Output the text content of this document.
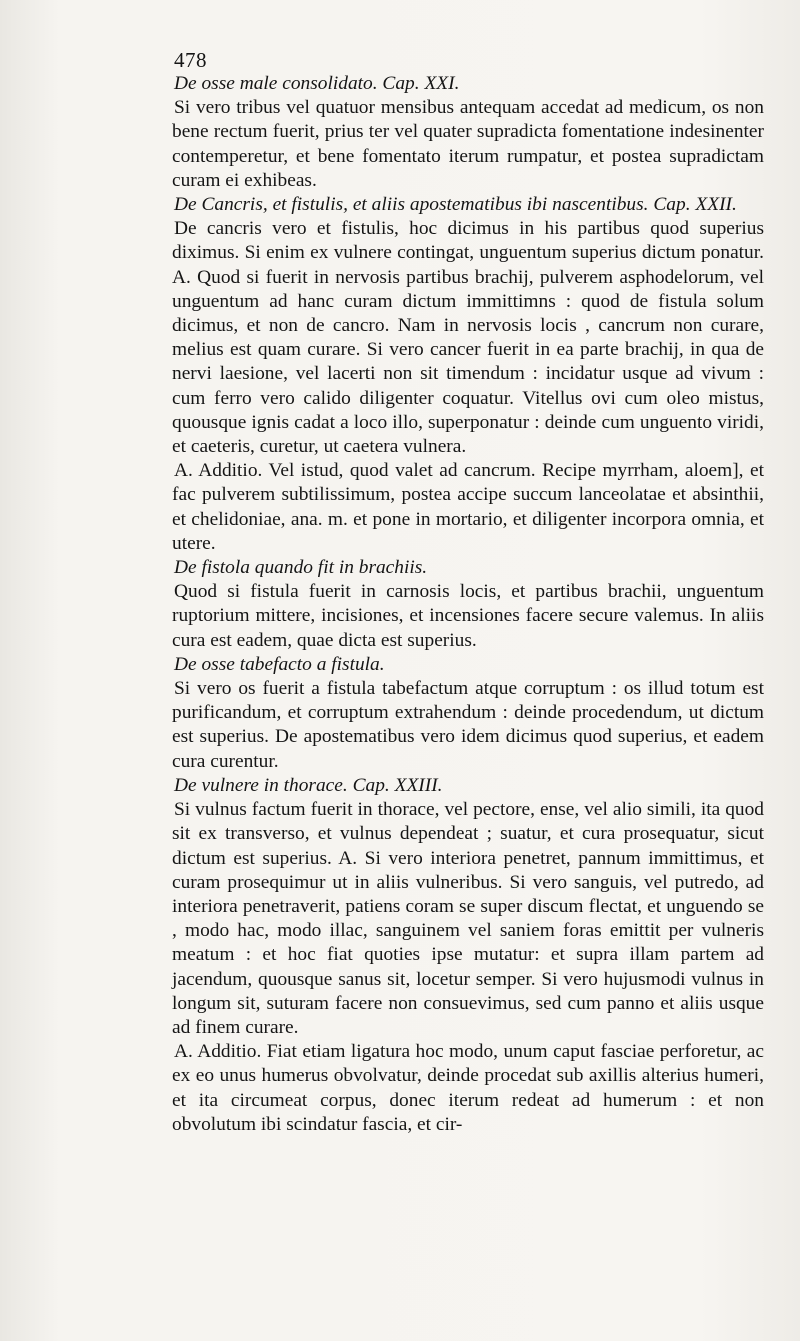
478

De osse male consolidato. Cap. XXI.

Si vero tribus vel quatuor mensibus antequam accedat ad medicum, os non bene rectum fuerit, prius ter vel quater supradicta fomentatione indesinenter contemperetur, et bene fomentato iterum rumpatur, et postea supradictam curam ei exhibeas.

De Cancris, et fistulis, et aliis apostematibus ibi nascentibus. Cap. XXII.

De cancris vero et fistulis, hoc dicimus in his partibus quod superius diximus. Si enim ex vulnere contingat, unguentum superius dictum ponatur. A. Quod si fuerit in nervosis partibus brachij, pulverem asphodelorum, vel unguentum ad hanc curam dictum immittimns : quod de fistula solum dicimus, et non de cancro. Nam in nervosis locis , cancrum non curare, melius est quam curare. Si vero cancer fuerit in ea parte brachij, in qua de nervi laesione, vel lacerti non sit timendum : incidatur usque ad vivum : cum ferro vero calido diligenter coquatur. Vitellus ovi cum oleo mistus, quousque ignis cadat a loco illo, superponatur : deinde cum unguento viridi, et caeteris, curetur, ut caetera vulnera.

A. Additio. Vel istud, quod valet ad cancrum. Recipe myrrham, aloem], et fac pulverem subtilissimum, postea accipe succum lanceolatae et absinthii, et chelidoniae, ana. m. et pone in mortario, et diligenter incorpora omnia, et utere.

De fistola quando fit in brachiis.

Quod si fistula fuerit in carnosis locis, et partibus brachii, unguentum ruptorium mittere, incisiones, et incensiones facere secure valemus. In aliis cura est eadem, quae dicta est superius.

De osse tabefacto a fistula.

Si vero os fuerit a fistula tabefactum atque corruptum : os illud totum est purificandum, et corruptum extrahendum : deinde procedendum, ut dictum est superius. De apostematibus vero idem dicimus quod superius, et eadem cura curentur.

De vulnere in thorace. Cap. XXIII.

Si vulnus factum fuerit in thorace, vel pectore, ense, vel alio simili, ita quod sit ex transverso, et vulnus dependeat ; suatur, et cura prosequatur, sicut dictum est superius. A. Si vero interiora penetret, pannum immittimus, et curam prosequimur ut in aliis vulneribus. Si vero sanguis, vel putredo, ad interiora penetraverit, patiens coram se super discum flectat, et unguendo se , modo hac, modo illac, sanguinem vel saniem foras emittit per vulneris meatum : et hoc fiat quoties ipse mutatur: et supra illam partem ad jacendum, quousque sanus sit, locetur semper. Si vero hujusmodi vulnus in longum sit, suturam facere non consuevimus, sed cum panno et aliis usque ad finem curare.

A. Additio. Fiat etiam ligatura hoc modo, unum caput fasciae perforetur, ac ex eo unus humerus obvolvatur, deinde procedat sub axillis alterius humeri, et ita circumeat corpus, donec iterum redeat ad humerum : et non obvolutum ibi scindatur fascia, et cir-
